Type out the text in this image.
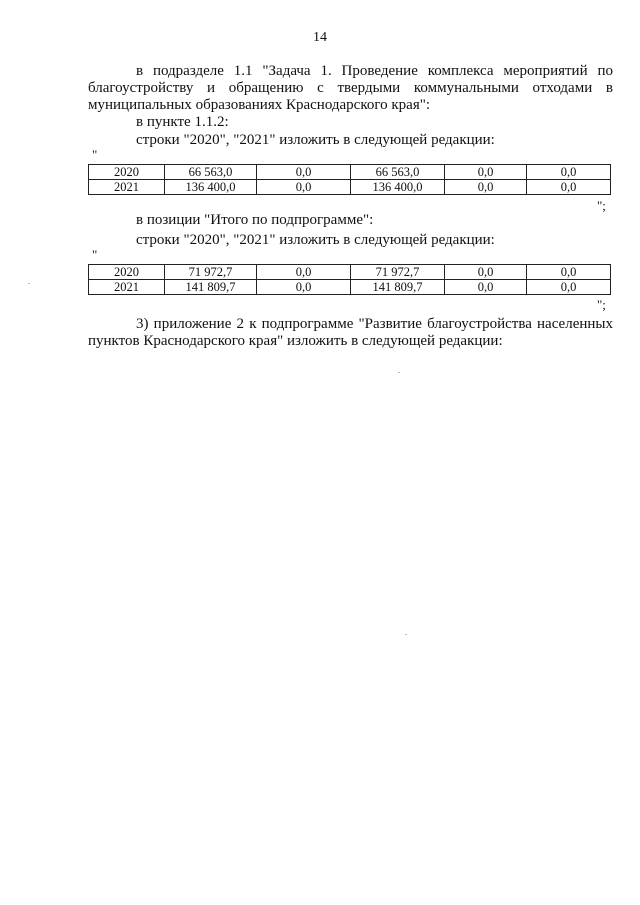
14
в подразделе 1.1 "Задача 1. Проведение комплекса мероприятий по благоустройству и обращению с твердыми коммунальными отходами в муниципальных образованиях Краснодарского края":
в пункте 1.1.2:
строки "2020", "2021" изложить в следующей редакции:
"
2020	66 563,0	0,0	66 563,0	0,0	0,0
2021	136 400,0	0,0	136 400,0	0,0	0,0
";
в позиции "Итого по подпрограмме":
строки "2020", "2021" изложить в следующей редакции:
"
2020	71 972,7	0,0	71 972,7	0,0	0,0
2021	141 809,7	0,0	141 809,7	0,0	0,0
";
3) приложение 2 к подпрограмме "Развитие благоустройства населенных пунктов Краснодарского края" изложить в следующей редакции:
